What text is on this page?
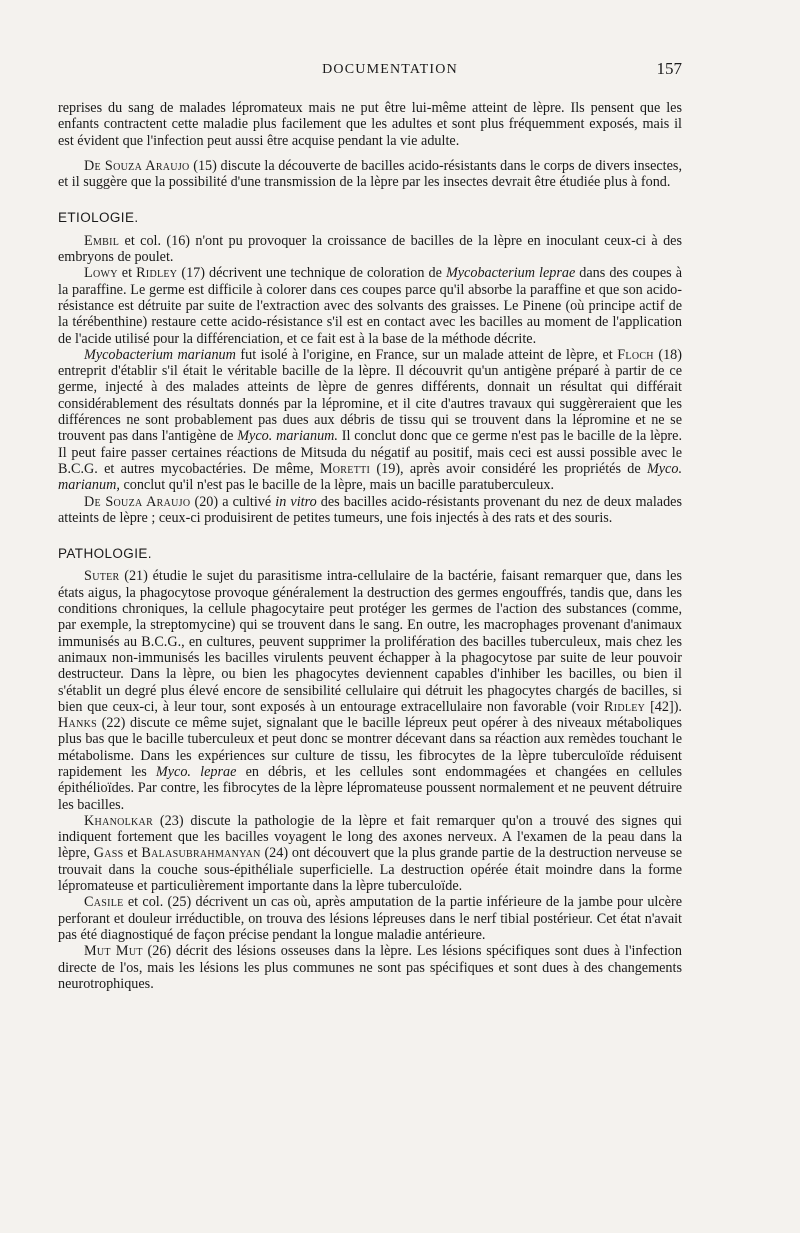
DOCUMENTATION	157

reprises du sang de malades lépromateux mais ne put être lui-même atteint de lèpre. Ils pensent que les enfants contractent cette maladie plus facilement que les adultes et sont plus fréquemment exposés, mais il est évident que l'infection peut aussi être acquise pendant la vie adulte.

De Souza Araujo (15) discute la découverte de bacilles acido-résistants dans le corps de divers insectes, et il suggère que la possibilité d'une transmission de la lèpre par les insectes devrait être étudiée plus à fond.

ETIOLOGIE.

Embil et col. (16) n'ont pu provoquer la croissance de bacilles de la lèpre en inoculant ceux-ci à des embryons de poulet.

Lowy et Ridley (17) décrivent une technique de coloration de Mycobacterium leprae dans des coupes à la paraffine. Le germe est difficile à colorer dans ces coupes parce qu'il absorbe la paraffine et que son acido-résistance est détruite par suite de l'extraction avec des solvants des graisses. Le Pinene (où principe actif de la térébenthine) restaure cette acido-résistance s'il est en contact avec les bacilles au moment de l'application de l'acide utilisé pour la différenciation, et ce fait est à la base de la méthode décrite.

Mycobacterium marianum fut isolé à l'origine, en France, sur un malade atteint de lèpre, et Floch (18) entreprit d'établir s'il était le véritable bacille de la lèpre. Il découvrit qu'un antigène préparé à partir de ce germe, injecté à des malades atteints de lèpre de genres différents, donnait un résultat qui différait considérablement des résultats donnés par la lépromine, et il cite d'autres travaux qui suggèreraient que les différences ne sont probablement pas dues aux débris de tissu qui se trouvent dans la lépromine et ne se trouvent pas dans l'antigène de Myco. marianum. Il conclut donc que ce germe n'est pas le bacille de la lèpre. Il peut faire passer certaines réactions de Mitsuda du négatif au positif, mais ceci est aussi possible avec le B.C.G. et autres mycobactéries. De même, Moretti (19), après avoir considéré les propriétés de Myco. marianum, conclut qu'il n'est pas le bacille de la lèpre, mais un bacille paratuberculeux.

De Souza Araujo (20) a cultivé in vitro des bacilles acido-résistants provenant du nez de deux malades atteints de lèpre ; ceux-ci produisirent de petites tumeurs, une fois injectés à des rats et des souris.

PATHOLOGIE.

Suter (21) étudie le sujet du parasitisme intra-cellulaire de la bactérie, faisant remarquer que, dans les états aigus, la phagocytose provoque généralement la destruction des germes engouffrés, tandis que, dans les conditions chroniques, la cellule phagocytaire peut protéger les germes de l'action des substances (comme, par exemple, la streptomycine) qui se trouvent dans le sang. En outre, les macrophages provenant d'animaux immunisés au B.C.G., en cultures, peuvent supprimer la prolifération des bacilles tuberculeux, mais chez les animaux non-immunisés les bacilles virulents peuvent échapper à la phagocytose par suite de leur pouvoir destructeur. Dans la lèpre, ou bien les phagocytes deviennent capables d'inhiber les bacilles, ou bien il s'établit un degré plus élevé encore de sensibilité cellulaire qui détruit les phagocytes chargés de bacilles, si bien que ceux-ci, à leur tour, sont exposés à un entourage extracellulaire non favorable (voir Ridley [42]). Hanks (22) discute ce même sujet, signalant que le bacille lépreux peut opérer à des niveaux métaboliques plus bas que le bacille tuberculeux et peut donc se montrer décevant dans sa réaction aux remèdes touchant le métabolisme. Dans les expériences sur culture de tissu, les fibrocytes de la lèpre tuberculoïde réduisent rapidement les Myco. leprae en débris, et les cellules sont endommagées et changées en cellules épithélioïdes. Par contre, les fibrocytes de la lèpre lépromateuse poussent normalement et ne peuvent détruire les bacilles.

Khanolkar (23) discute la pathologie de la lèpre et fait remarquer qu'on a trouvé des signes qui indiquent fortement que les bacilles voyagent le long des axones nerveux. A l'examen de la peau dans la lèpre, Gass et Balasubrahmanyan (24) ont découvert que la plus grande partie de la destruction nerveuse se trouvait dans la couche sous-épithéliale superficielle. La destruction opérée était moindre dans la forme lépromateuse et particulièrement importante dans la lèpre tuberculoïde.

Casile et col. (25) décrivent un cas où, après amputation de la partie inférieure de la jambe pour ulcère perforant et douleur irréductible, on trouva des lésions lépreuses dans le nerf tibial postérieur. Cet état n'avait pas été diagnostiqué de façon précise pendant la longue maladie antérieure.

Mut Mut (26) décrit des lésions osseuses dans la lèpre. Les lésions spécifiques sont dues à l'infection directe de l'os, mais les lésions les plus communes ne sont pas spécifiques et sont dues à des changements neurotrophiques.
